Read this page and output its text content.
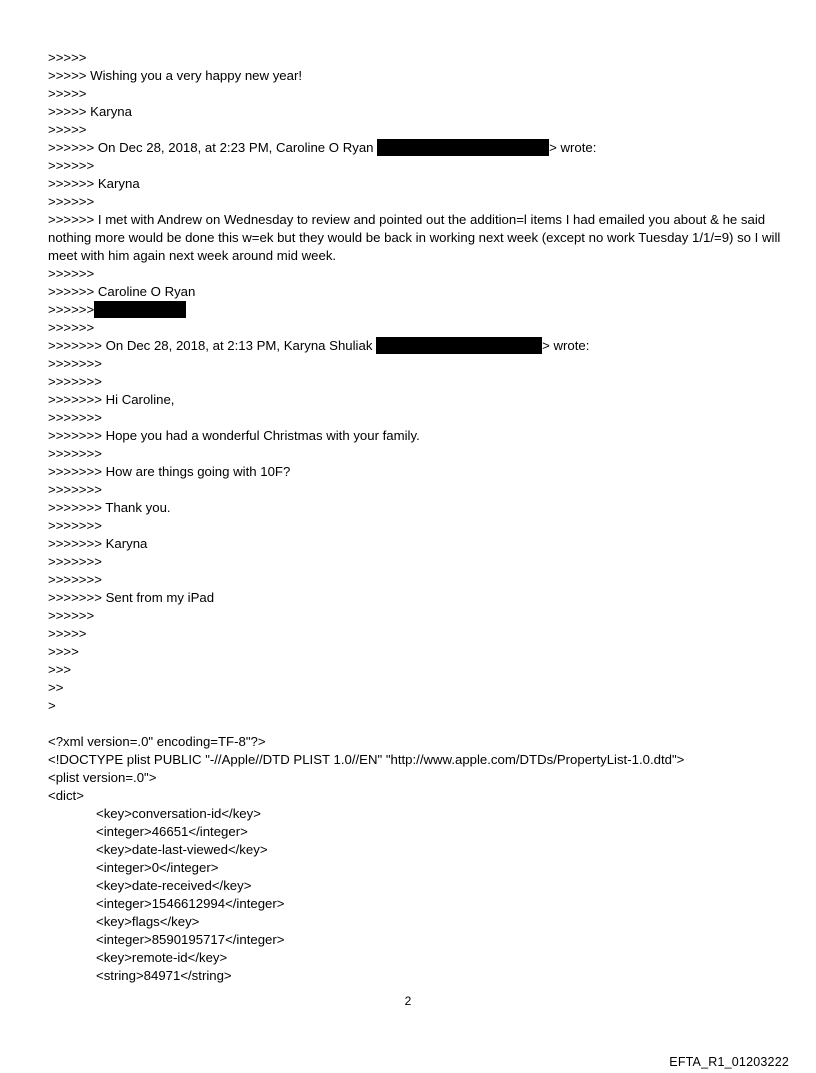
>>>>>
>>>>> Wishing you a very happy new year!
>>>>>
>>>>> Karyna
>>>>>
>>>>>> On Dec 28, 2018, at 2:23 PM, Caroline O Ryan	> wrote:
>>>>>>
>>>>>> Karyna
>>>>>>
>>>>>> I met with Andrew on Wednesday to review and pointed out the addition=l items I had emailed you about & he said nothing more would be done this w=ek but they would be back in working next week (except no work Tuesday 1/1/=9) so I will meet with him again next week around mid week.
>>>>>>
>>>>>> Caroline O Ryan
>>>>>>
>>>>>>
>>>>>>> On Dec 28, 2018, at 2:13 PM, Karyna Shuliak	> wrote:
>>>>>>>
>>>>>>>
>>>>>>> Hi Caroline,
>>>>>>>
>>>>>>> Hope you had a wonderful Christmas with your family.
>>>>>>>
>>>>>>> How are things going with 10F?
>>>>>>>
>>>>>>> Thank you.
>>>>>>>
>>>>>>> Karyna
>>>>>>>
>>>>>>>
>>>>>>> Sent from my iPad
>>>>>>
>>>>>
>>>>
>>>
>>
>
<?xml version=.0" encoding=TF-8"?>
<!DOCTYPE plist PUBLIC "-//Apple//DTD PLIST 1.0//EN" "http://www.apple.com/DTDs/PropertyList-1.0.dtd">
<plist version=.0">
<dict>
<key>conversation-id</key>
<integer>46651</integer>
<key>date-last-viewed</key>
<integer>0</integer>
<key>date-received</key>
<integer>1546612994</integer>
<key>flags</key>
<integer>8590195717</integer>
<key>remote-id</key>
<string>84971</string>
2
EFTA_R1_01203222
